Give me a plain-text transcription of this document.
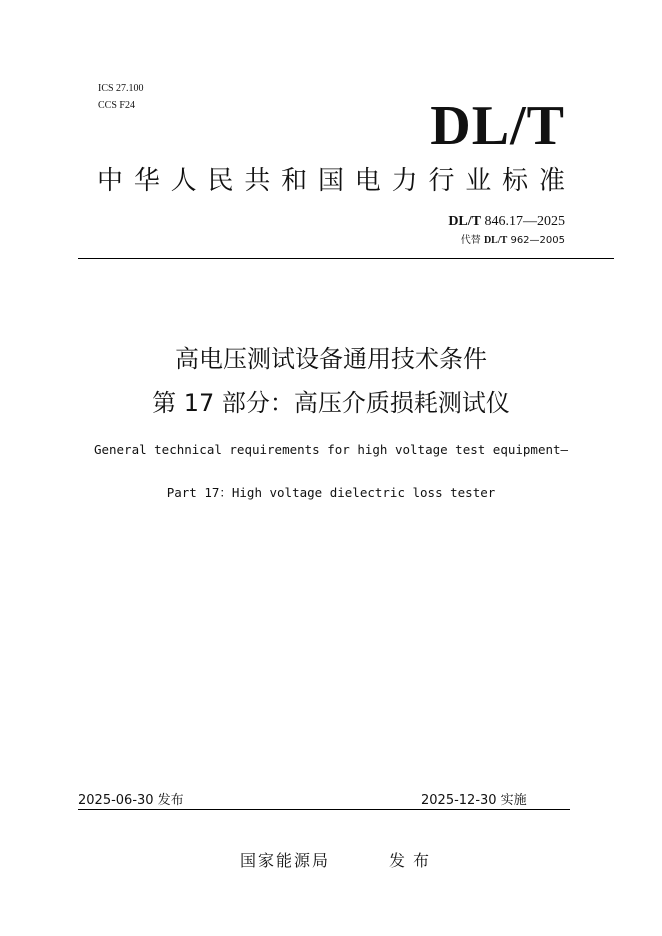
ICS 27.100
CCS F24	DL/T
中 华 人 民 共 和 国 电 力 行 业 标 准
DL/T 846.17—2025
代替 DL/T 962—2005
高电压测试设备通用技术条件
第 17 部分：高压介质损耗测试仪
General technical requirements for high voltage test equipment—
Part 17：High voltage dielectric loss tester
2025-06-30 发布	2025-12-30 实施
国家能源局	发布
